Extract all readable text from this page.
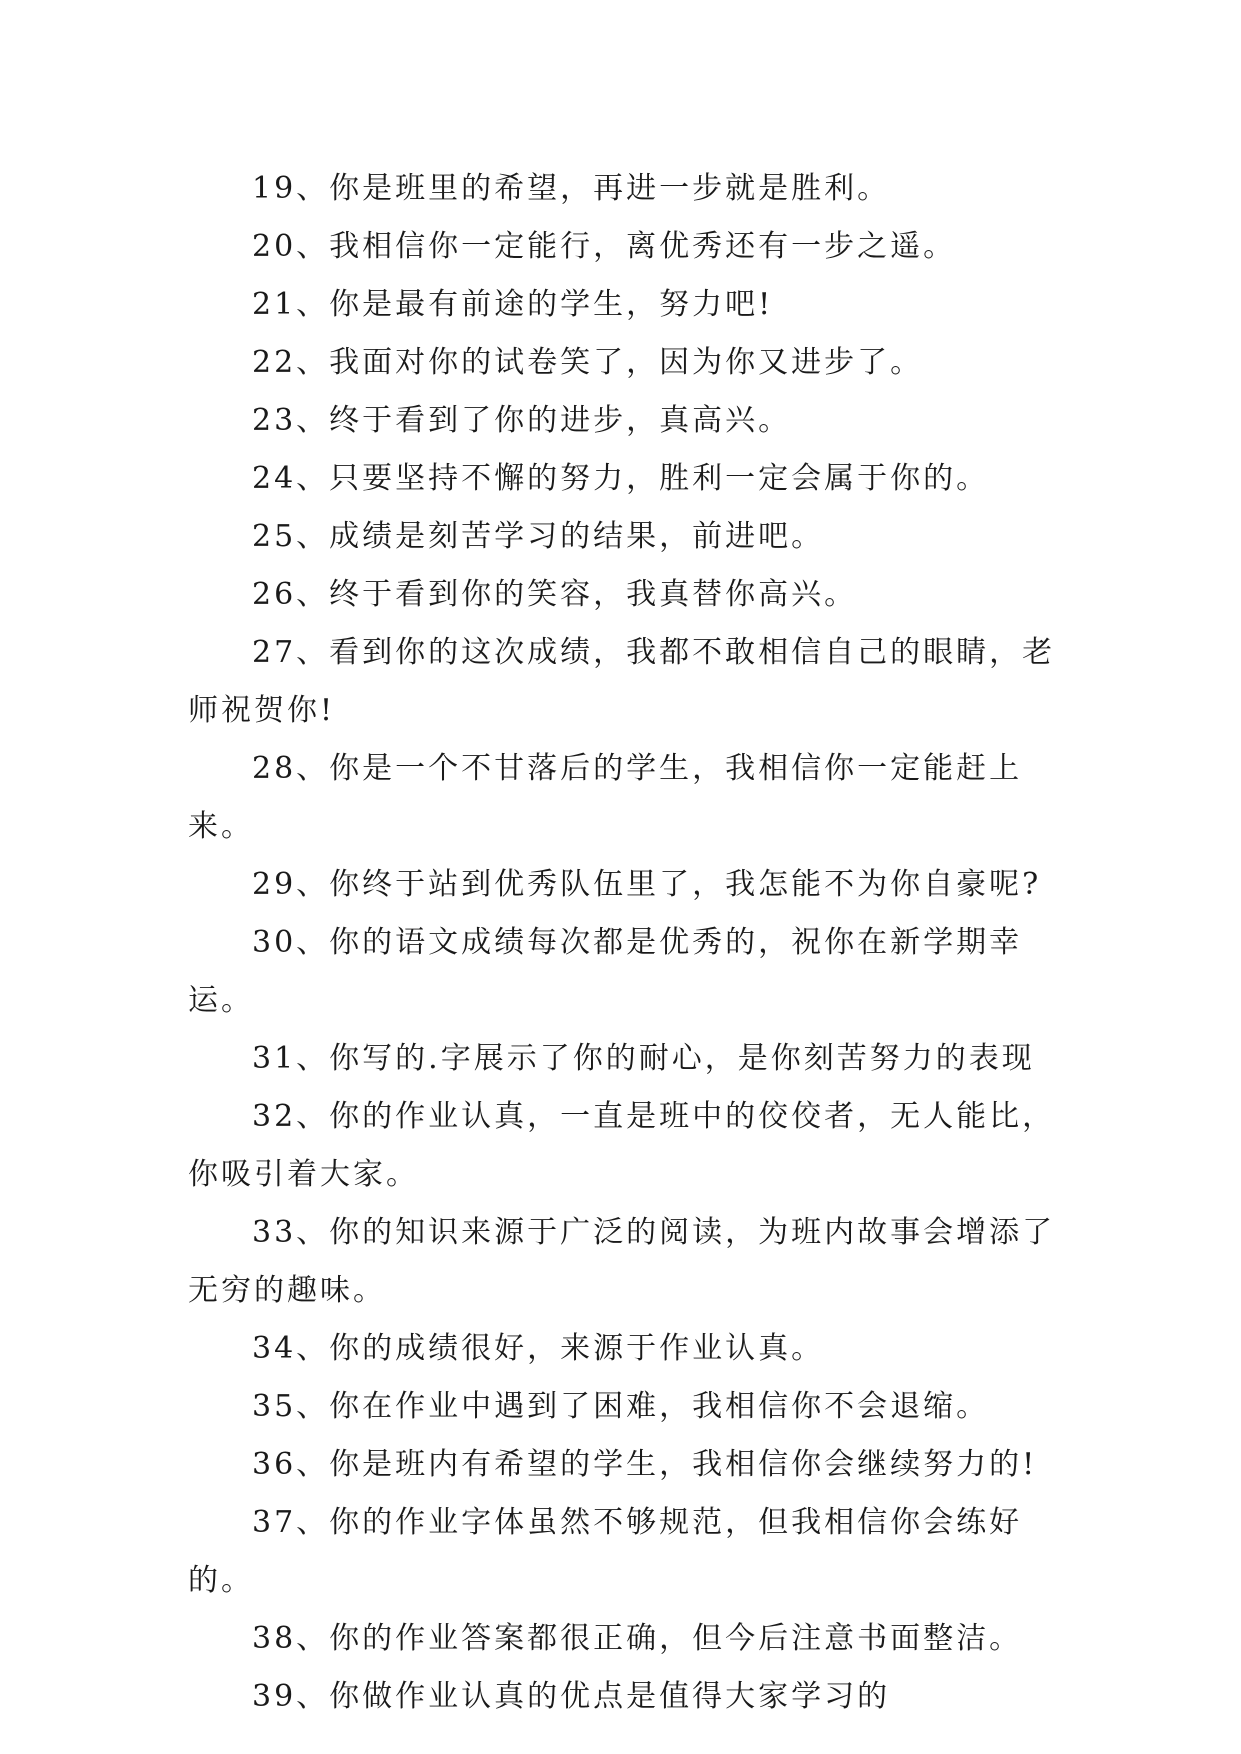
19、你是班里的希望，再进一步就是胜利。

20、我相信你一定能行，离优秀还有一步之遥。

21、你是最有前途的学生，努力吧!

22、我面对你的试卷笑了，因为你又进步了。

23、终于看到了你的进步，真高兴。

24、只要坚持不懈的努力，胜利一定会属于你的。

25、成绩是刻苦学习的结果，前进吧。

26、终于看到你的笑容，我真替你高兴。

27、看到你的这次成绩，我都不敢相信自己的眼睛，老师祝贺你!

28、你是一个不甘落后的学生，我相信你一定能赶上来。

29、你终于站到优秀队伍里了，我怎能不为你自豪呢?

30、你的语文成绩每次都是优秀的，祝你在新学期幸运。

31、你写的.字展示了你的耐心，是你刻苦努力的表现

32、你的作业认真，一直是班中的佼佼者，无人能比，你吸引着大家。

33、你的知识来源于广泛的阅读，为班内故事会增添了无穷的趣味。

34、你的成绩很好，来源于作业认真。

35、你在作业中遇到了困难，我相信你不会退缩。

36、你是班内有希望的学生，我相信你会继续努力的!

37、你的作业字体虽然不够规范，但我相信你会练好的。

38、你的作业答案都很正确，但今后注意书面整洁。

39、你做作业认真的优点是值得大家学习的
